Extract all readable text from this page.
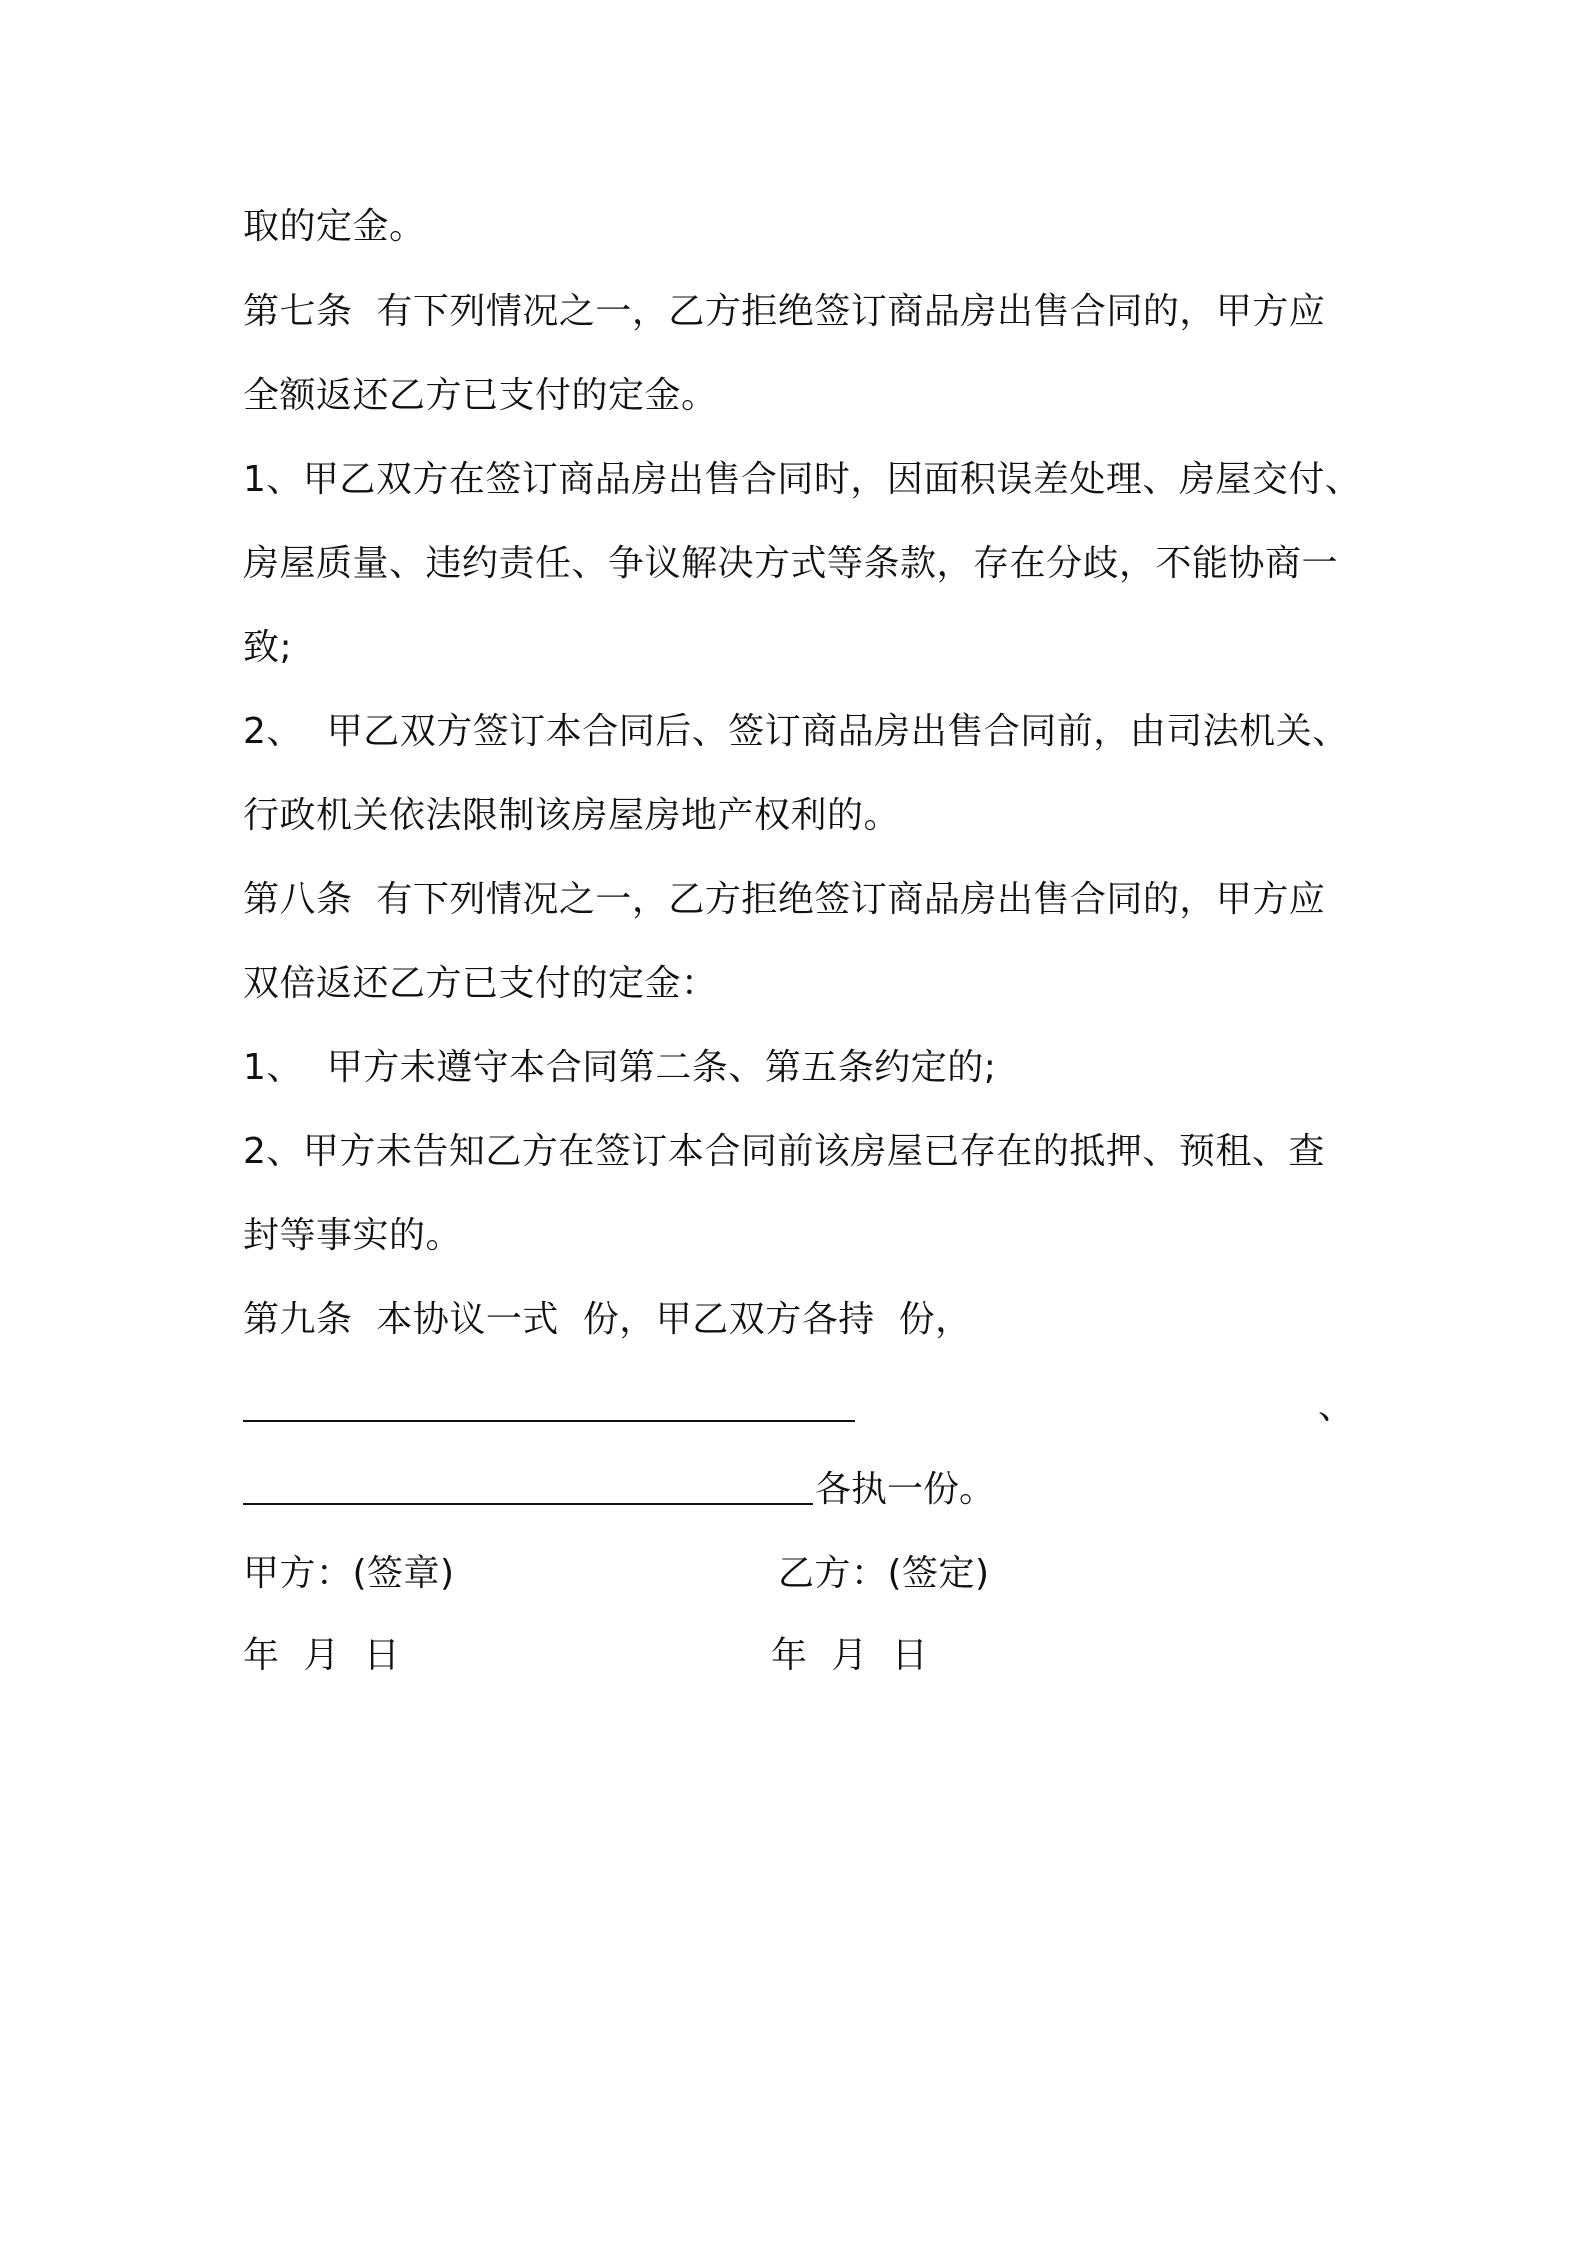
取的定金。
第七条  有下列情况之一，乙方拒绝签订商品房出售合同的，甲方应
全额返还乙方已支付的定金。
1、甲乙双方在签订商品房出售合同时，因面积误差处理、房屋交付、
房屋质量、违约责任、争议解决方式等条款，存在分歧，不能协商一
致;
2、  甲乙双方签订本合同后、签订商品房出售合同前，由司法机关、
行政机关依法限制该房屋房地产权利的。
第八条  有下列情况之一，乙方拒绝签订商品房出售合同的，甲方应
双倍返还乙方已支付的定金：
1、  甲方未遵守本合同第二条、第五条约定的;
2、甲方未告知乙方在签订本合同前该房屋已存在的抵押、预租、查
封等事实的。
第九条  本协议一式  份，甲乙双方各持  份，
、
各执一份。
甲方：(签章)	乙方：(签定)
年  月  日	年  月  日
